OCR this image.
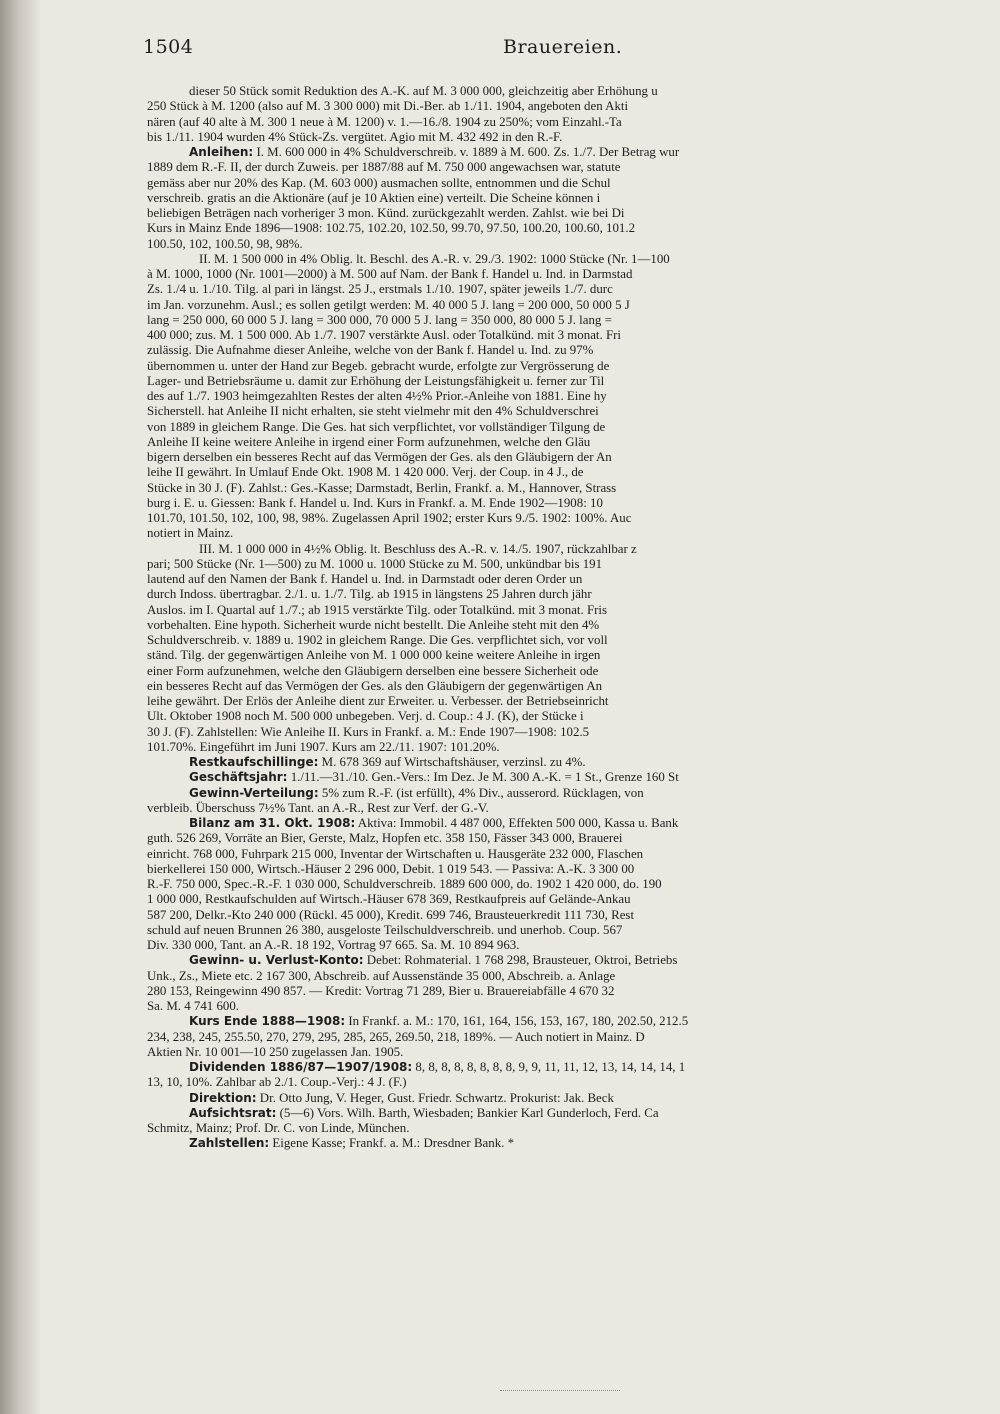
1504	Brauereien.
dieser 50 Stück somit Reduktion des A.-K. auf M. 3 000 000, gleichzeitig aber Erhöhung u
250 Stück à M. 1200 (also auf M. 3 300 000) mit Di.-Ber. ab 1./11. 1904, angeboten den Akti
nären (auf 40 alte à M. 300 1 neue à M. 1200) v. 1.—16./8. 1904 zu 250%; vom Einzahl.-Ta
bis 1./11. 1904 wurden 4% Stück-Zs. vergütet. Agio mit M. 432 492 in den R.-F.
Anleihen: I. M. 600 000 in 4% Schuldverschreib. v. 1889 à M. 600. Zs. 1./7. Der Betrag wur
1889 dem R.-F. II, der durch Zuweis. per 1887/88 auf M. 750 000 angewachsen war, statute
gemäss aber nur 20% des Kap. (M. 603 000) ausmachen sollte, entnommen und die Schul
verschreib. gratis an die Aktionäre (auf je 10 Aktien eine) verteilt. Die Scheine können i
beliebigen Beträgen nach vorheriger 3 mon. Künd. zurückgezahlt werden. Zahlst. wie bei Di
Kurs in Mainz Ende 1896—1908: 102.75, 102.20, 102.50, 99.70, 97.50, 100.20, 100.60, 101.2
100.50, 102, 100.50, 98, 98%.
II. M. 1 500 000 in 4% Oblig. lt. Beschl. des A.-R. v. 29./3. 1902: 1000 Stücke (Nr. 1—100
à M. 1000, 1000 (Nr. 1001—2000) à M. 500 auf Nam. der Bank f. Handel u. Ind. in Darmstad
Zs. 1./4 u. 1./10. Tilg. al pari in längst. 25 J., erstmals 1./10. 1907, später jeweils 1./7. durc
im Jan. vorzunehm. Ausl.; es sollen getilgt werden: M. 40 000 5 J. lang = 200 000, 50 000 5 J
lang = 250 000, 60 000 5 J. lang = 300 000, 70 000 5 J. lang = 350 000, 80 000 5 J. lang =
400 000; zus. M. 1 500 000. Ab 1./7. 1907 verstärkte Ausl. oder Totalkünd. mit 3 monat. Fri
zulässig. Die Aufnahme dieser Anleihe, welche von der Bank f. Handel u. Ind. zu 97%
übernommen u. unter der Hand zur Begeb. gebracht wurde, erfolgte zur Vergrösserung de
Lager- und Betriebsräume u. damit zur Erhöhung der Leistungsfähigkeit u. ferner zur Til
des auf 1./7. 1903 heimgezahlten Restes der alten 4½% Prior.-Anleihe von 1881. Eine hy
Sicherstell. hat Anleihe II nicht erhalten, sie steht vielmehr mit den 4% Schuldverschrei
von 1889 in gleichem Range. Die Ges. hat sich verpflichtet, vor vollständiger Tilgung de
Anleihe II keine weitere Anleihe in irgend einer Form aufzunehmen, welche den Gläu
bigern derselben ein besseres Recht auf das Vermögen der Ges. als den Gläubigern der An
leihe II gewährt. In Umlauf Ende Okt. 1908 M. 1 420 000. Verj. der Coup. in 4 J., de
Stücke in 30 J. (F). Zahlst.: Ges.-Kasse; Darmstadt, Berlin, Frankf. a. M., Hannover, Strass
burg i. E. u. Giessen: Bank f. Handel u. Ind. Kurs in Frankf. a. M. Ende 1902—1908: 10
101.70, 101.50, 102, 100, 98, 98%. Zugelassen April 1902; erster Kurs 9./5. 1902: 100%. Auc
notiert in Mainz.
III. M. 1 000 000 in 4½% Oblig. lt. Beschluss des A.-R. v. 14./5. 1907, rückzahlbar z
pari; 500 Stücke (Nr. 1—500) zu M. 1000 u. 1000 Stücke zu M. 500, unkündbar bis 191
lautend auf den Namen der Bank f. Handel u. Ind. in Darmstadt oder deren Order un
durch Indoss. übertragbar. 2./1. u. 1./7. Tilg. ab 1915 in längstens 25 Jahren durch jähr
Auslos. im I. Quartal auf 1./7.; ab 1915 verstärkte Tilg. oder Totalkünd. mit 3 monat. Fris
vorbehalten. Eine hypoth. Sicherheit wurde nicht bestellt. Die Anleihe steht mit den 4%
Schuldverschreib. v. 1889 u. 1902 in gleichem Range. Die Ges. verpflichtet sich, vor voll
ständ. Tilg. der gegenwärtigen Anleihe von M. 1 000 000 keine weitere Anleihe in irgen
einer Form aufzunehmen, welche den Gläubigern derselben eine bessere Sicherheit ode
ein besseres Recht auf das Vermögen der Ges. als den Gläubigern der gegenwärtigen An
leihe gewährt. Der Erlös der Anleihe dient zur Erweiter. u. Verbesser. der Betriebseinricht
Ult. Oktober 1908 noch M. 500 000 unbegeben. Verj. d. Coup.: 4 J. (K), der Stücke i
30 J. (F). Zahlstellen: Wie Anleihe II. Kurs in Frankf. a. M.: Ende 1907—1908: 102.5
101.70%. Eingeführt im Juni 1907. Kurs am 22./11. 1907: 101.20%.
Restkaufschillinge: M. 678 369 auf Wirtschaftshäuser, verzinsl. zu 4%.
Geschäftsjahr: 1./11.—31./10. Gen.-Vers.: Im Dez. Je M. 300 A.-K. = 1 St., Grenze 160 St
Gewinn-Verteilung: 5% zum R.-F. (ist erfüllt), 4% Div., ausserord. Rücklagen, von
verbleib. Überschuss 7½% Tant. an A.-R., Rest zur Verf. der G.-V.
Bilanz am 31. Okt. 1908: Aktiva: Immobil. 4 487 000, Effekten 500 000, Kassa u. Bank
guth. 526 269, Vorräte an Bier, Gerste, Malz, Hopfen etc. 358 150, Fässer 343 000, Brauerei
einricht. 768 000, Fuhrpark 215 000, Inventar der Wirtschaften u. Hausgeräte 232 000, Flaschen
bierkellerei 150 000, Wirtsch.-Häuser 2 296 000, Debit. 1 019 543. — Passiva: A.-K. 3 300 00
R.-F. 750 000, Spec.-R.-F. 1 030 000, Schuldverschreib. 1889 600 000, do. 1902 1 420 000, do. 190
1 000 000, Restkaufschulden auf Wirtsch.-Häuser 678 369, Restkaufpreis auf Gelände-Ankau
587 200, Delkr.-Kto 240 000 (Rückl. 45 000), Kredit. 699 746, Brausteuerkredit 111 730, Rest
schuld auf neuen Brunnen 26 380, ausgeloste Teilschuldverschreib. und unerhob. Coup. 567
Div. 330 000, Tant. an A.-R. 18 192, Vortrag 97 665. Sa. M. 10 894 963.
Gewinn- u. Verlust-Konto: Debet: Rohmaterial. 1 768 298, Brausteuer, Oktroi, Betriebs
Unk., Zs., Miete etc. 2 167 300, Abschreib. auf Aussenstände 35 000, Abschreib. a. Anlage
280 153, Reingewinn 490 857. — Kredit: Vortrag 71 289, Bier u. Brauereiabfälle 4 670 32
Sa. M. 4 741 600.
Kurs Ende 1888—1908: In Frankf. a. M.: 170, 161, 164, 156, 153, 167, 180, 202.50, 212.5
234, 238, 245, 255.50, 270, 279, 295, 285, 265, 269.50, 218, 189%. — Auch notiert in Mainz. D
Aktien Nr. 10 001—10 250 zugelassen Jan. 1905.
Dividenden 1886/87—1907/1908: 8, 8, 8, 8, 8, 8, 8, 8, 9, 9, 11, 11, 12, 13, 14, 14, 14, 1
13, 10, 10%. Zahlbar ab 2./1. Coup.-Verj.: 4 J. (F.)
Direktion: Dr. Otto Jung, V. Heger, Gust. Friedr. Schwartz. Prokurist: Jak. Beck
Aufsichtsrat: (5—6) Vors. Wilh. Barth, Wiesbaden; Bankier Karl Gunderloch, Ferd. Ca
Schmitz, Mainz; Prof. Dr. C. von Linde, München.
Zahlstellen: Eigene Kasse; Frankf. a. M.: Dresdner Bank. *
